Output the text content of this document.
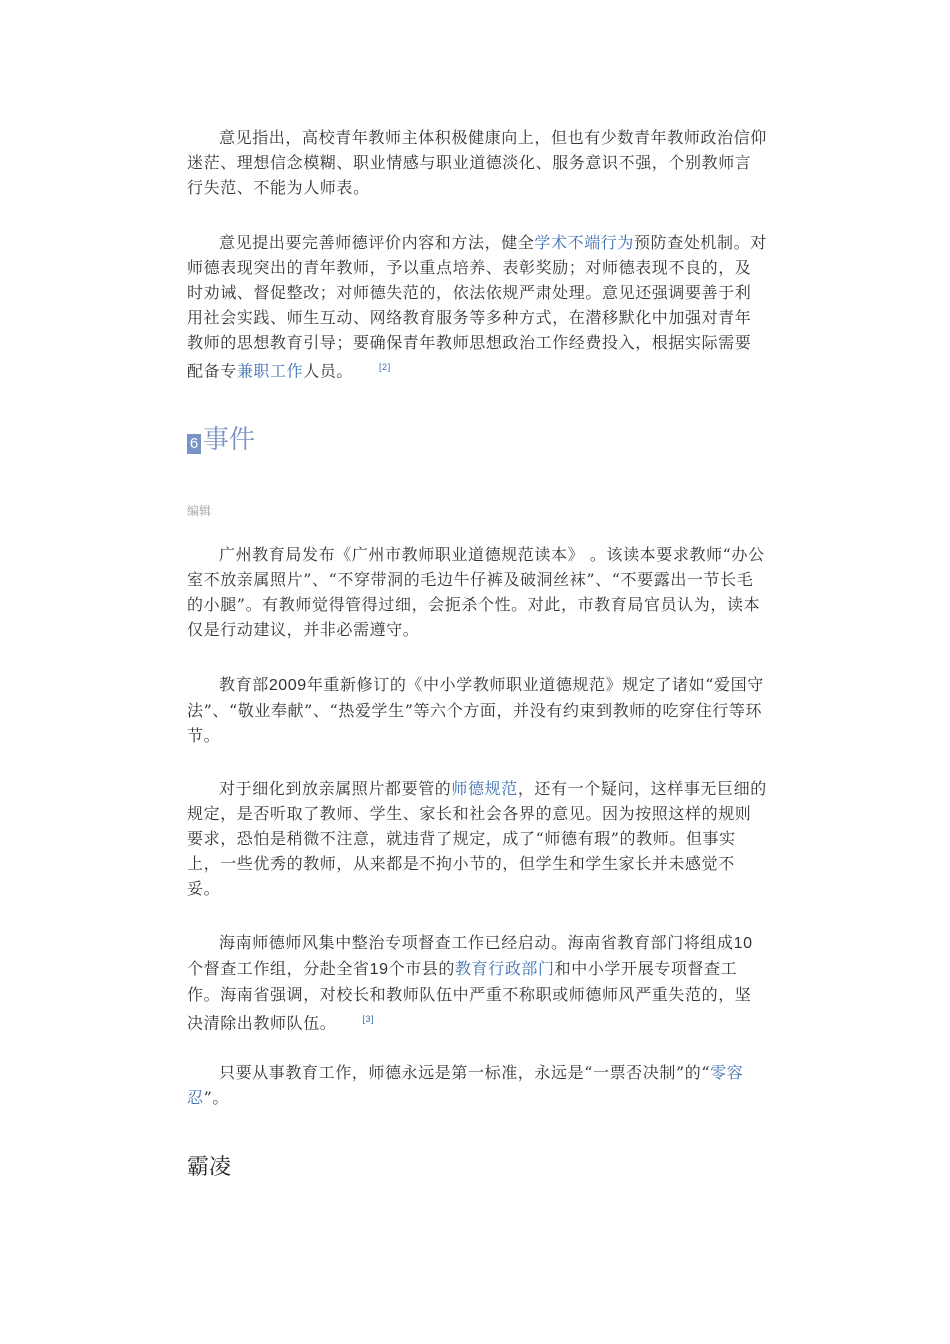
意见指出，高校青年教师主体积极健康向上，但也有少数青年教师政治信仰迷茫、理想信念模糊、职业情感与职业道德淡化、服务意识不强，个别教师言行失范、不能为人师表。

意见提出要完善师德评价内容和方法，健全学术不端行为预防查处机制。对师德表现突出的青年教师，予以重点培养、表彰奖励；对师德表现不良的，及时劝诫、督促整改；对师德失范的，依法依规严肃处理。意见还强调要善于利用社会实践、师生互动、网络教育服务等多种方式，在潜移默化中加强对青年教师的思想教育引导；要确保青年教师思想政治工作经费投入，根据实际需要配备专兼职工作人员。	[2]

6 事件
编辑

广州教育局发布《广州市教师职业道德规范读本》 。该读本要求教师“办公室不放亲属照片”、“不穿带洞的毛边牛仔裤及破洞丝袜”、“不要露出一节长毛的小腿”。有教师觉得管得过细，会扼杀个性。对此，市教育局官员认为，读本仅是行动建议，并非必需遵守。

教育部2009年重新修订的《中小学教师职业道德规范》规定了诸如“爱国守法”、“敬业奉献”、“热爱学生”等六个方面，并没有约束到教师的吃穿住行等环节。

对于细化到放亲属照片都要管的师德规范，还有一个疑问，这样事无巨细的规定，是否听取了教师、学生、家长和社会各界的意见。因为按照这样的规则要求，恐怕是稍微不注意，就违背了规定，成了“师德有瑕”的教师。但事实上，一些优秀的教师，从来都是不拘小节的，但学生和学生家长并未感觉不妥。

海南师德师风集中整治专项督查工作已经启动。海南省教育部门将组成10个督查工作组，分赴全省19个市县的教育行政部门和中小学开展专项督查工作。海南省强调，对校长和教师队伍中严重不称职或师德师风严重失范的，坚决清除出教师队伍。	[3]

只要从事教育工作，师德永远是第一标准，永远是“一票否决制”的“零容忍”。

霸凌
